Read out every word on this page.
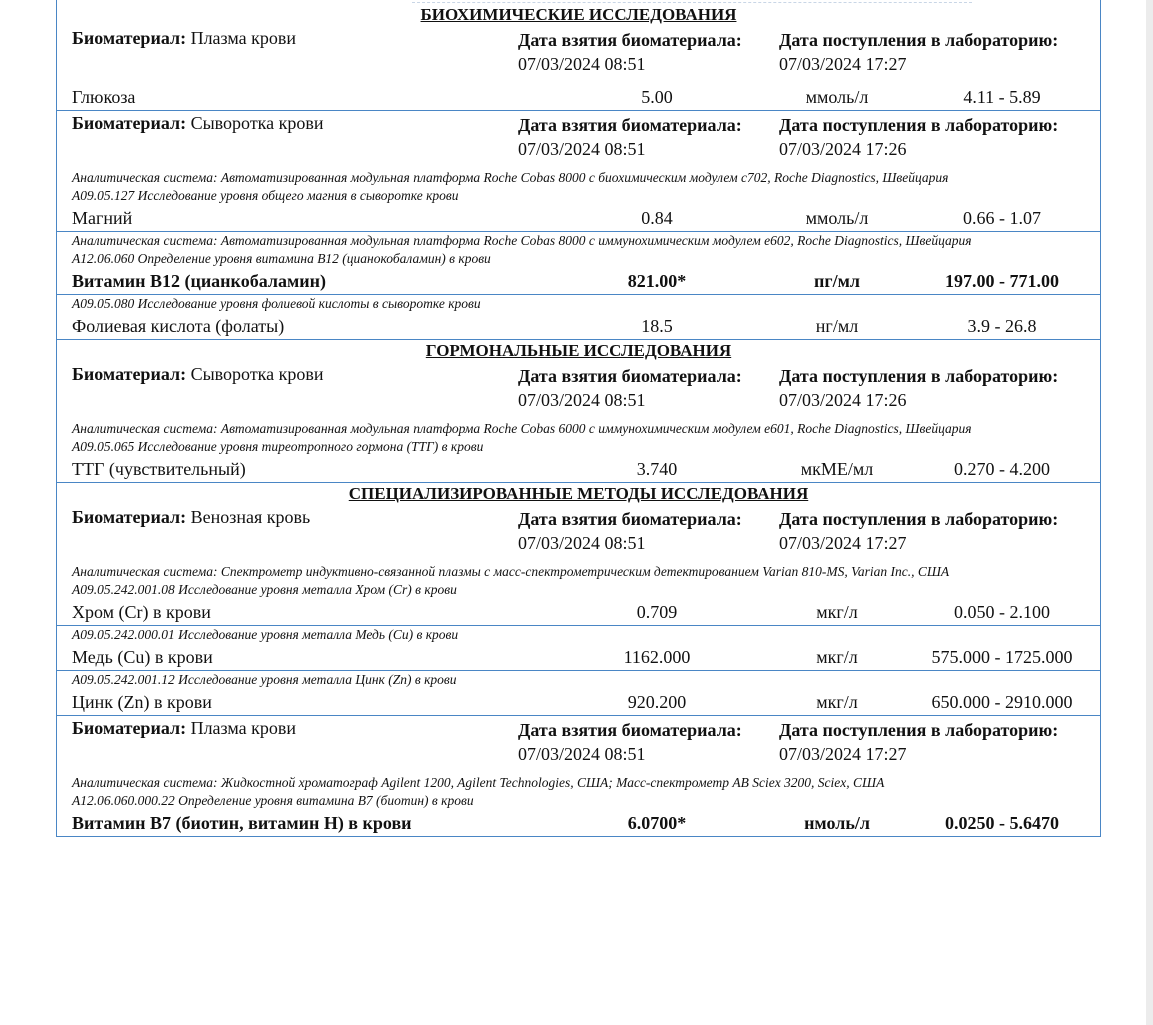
БИОХИМИЧЕСКИЕ ИССЛЕДОВАНИЯ
Биоматериал: Плазма крови	Дата взятия биоматериала:
07/03/2024 08:51
Дата поступления в лабораторию:
07/03/2024 17:27
Глюкоза	5.00	ммоль/л	4.11 - 5.89
Биоматериал: Сыворотка крови	Дата взятия биоматериала:
07/03/2024 08:51
Дата поступления в лабораторию:
07/03/2024 17:26
Аналитическая система: Автоматизированная модульная платформа Roche Cobas 8000 с биохимическим модулем с702, Roche Diagnostics, Швейцария
А09.05.127 Исследование уровня общего магния в сыворотке крови
Магний	0.84	ммоль/л	0.66 - 1.07
Аналитическая система: Автоматизированная модульная платформа Roche Cobas 8000 с иммунохимическим модулем е602, Roche Diagnostics, Швейцария
А12.06.060 Определение уровня витамина В12 (цианокобаламин) в крови
Витамин В12 (цианкобаламин)	821.00*	пг/мл	197.00 - 771.00
А09.05.080 Исследование уровня фолиевой кислоты в сыворотке крови
Фолиевая кислота (фолаты)	18.5	нг/мл	3.9 - 26.8
ГОРМОНАЛЬНЫЕ ИССЛЕДОВАНИЯ
Биоматериал: Сыворотка крови	Дата взятия биоматериала:
07/03/2024 08:51
Дата поступления в лабораторию:
07/03/2024 17:26
Аналитическая система: Автоматизированная модульная платформа Roche Cobas 6000 с иммунохимическим модулем е601, Roche Diagnostics, Швейцария
А09.05.065 Исследование уровня тиреотропного гормона (ТТГ) в крови
ТТГ (чувствительный)	3.740	мкМЕ/мл	0.270 - 4.200
СПЕЦИАЛИЗИРОВАННЫЕ МЕТОДЫ ИССЛЕДОВАНИЯ
Биоматериал: Венозная кровь	Дата взятия биоматериала:
07/03/2024 08:51
Дата поступления в лабораторию:
07/03/2024 17:27
Аналитическая система: Спектрометр индуктивно-связанной плазмы с масс-спектрометрическим детектированием Varian 810-MS, Varian Inc., США
А09.05.242.001.08 Исследование уровня металла Хром (Cr) в крови
Хром (Cr) в крови	0.709	мкг/л	0.050 - 2.100
А09.05.242.000.01 Исследование уровня металла Медь (Cu) в крови
Медь (Cu) в крови	1162.000	мкг/л	575.000 - 1725.000
А09.05.242.001.12 Исследование уровня металла Цинк (Zn) в крови
Цинк (Zn) в крови	920.200	мкг/л	650.000 - 2910.000
Биоматериал: Плазма крови	Дата взятия биоматериала:
07/03/2024 08:51
Дата поступления в лабораторию:
07/03/2024 17:27
Аналитическая система: Жидкостной хроматограф Agilent 1200, Agilent Technologies, США; Масс-спектрометр AB Sciex 3200, Sciex, США
А12.06.060.000.22 Определение уровня витамина В7 (биотин) в крови
Витамин В7 (биотин, витамин H) в крови	6.0700*	нмоль/л	0.0250 - 5.6470
